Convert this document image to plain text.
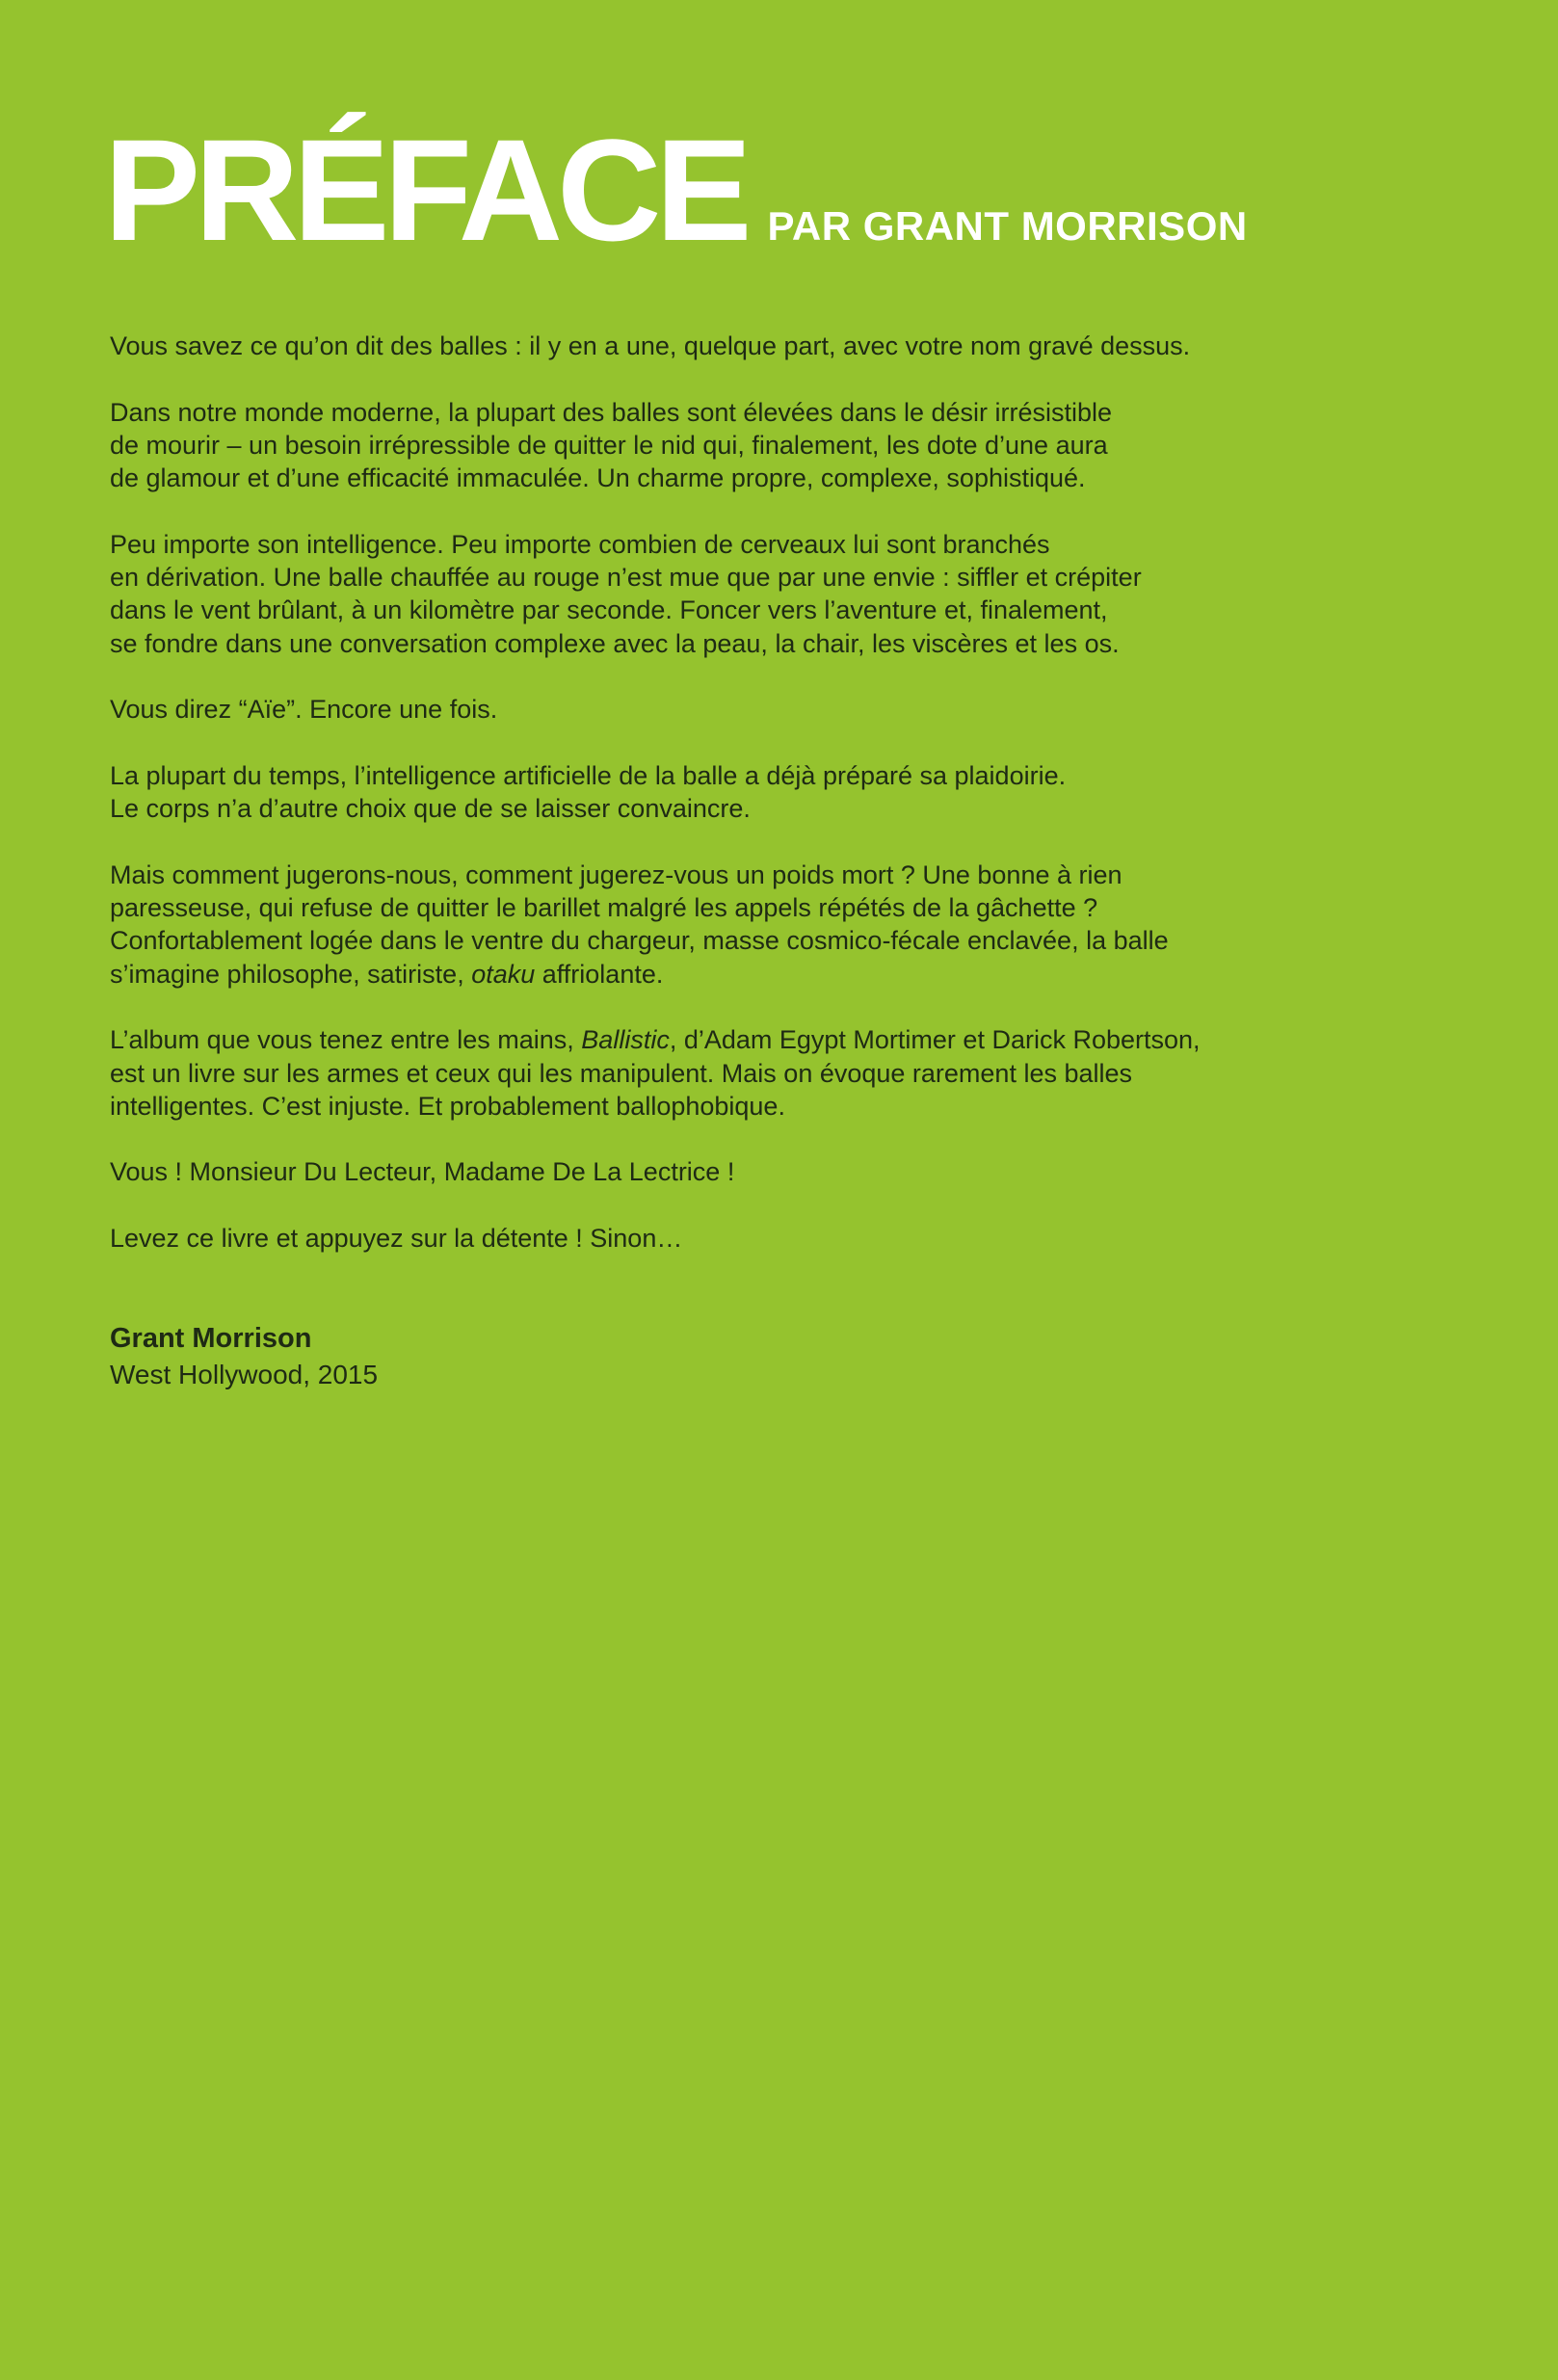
PRÉFACE PAR GRANT MORRISON

Vous savez ce qu’on dit des balles : il y en a une, quelque part, avec votre nom gravé dessus.

Dans notre monde moderne, la plupart des balles sont élevées dans le désir irrésistible
de mourir – un besoin irrépressible de quitter le nid qui, finalement, les dote d’une aura
de glamour et d’une efficacité immaculée. Un charme propre, complexe, sophistiqué.

Peu importe son intelligence. Peu importe combien de cerveaux lui sont branchés
en dérivation. Une balle chauffée au rouge n’est mue que par une envie : siffler et crépiter
dans le vent brûlant, à un kilomètre par seconde. Foncer vers l’aventure et, finalement,
se fondre dans une conversation complexe avec la peau, la chair, les viscères et les os.

Vous direz “Aïe”. Encore une fois.

La plupart du temps, l’intelligence artificielle de la balle a déjà préparé sa plaidoirie.
Le corps n’a d’autre choix que de se laisser convaincre.

Mais comment jugerons-nous, comment jugerez-vous un poids mort ? Une bonne à rien
paresseuse, qui refuse de quitter le barillet malgré les appels répétés de la gâchette ?
Confortablement logée dans le ventre du chargeur, masse cosmico-fécale enclavée, la balle
s’imagine philosophe, satiriste, otaku affriolante.

L’album que vous tenez entre les mains, Ballistic, d’Adam Egypt Mortimer et Darick Robertson,
est un livre sur les armes et ceux qui les manipulent. Mais on évoque rarement les balles
intelligentes. C’est injuste. Et probablement ballophobique.

Vous ! Monsieur Du Lecteur, Madame De La Lectrice !

Levez ce livre et appuyez sur la détente ! Sinon…

Grant Morrison
West Hollywood, 2015
